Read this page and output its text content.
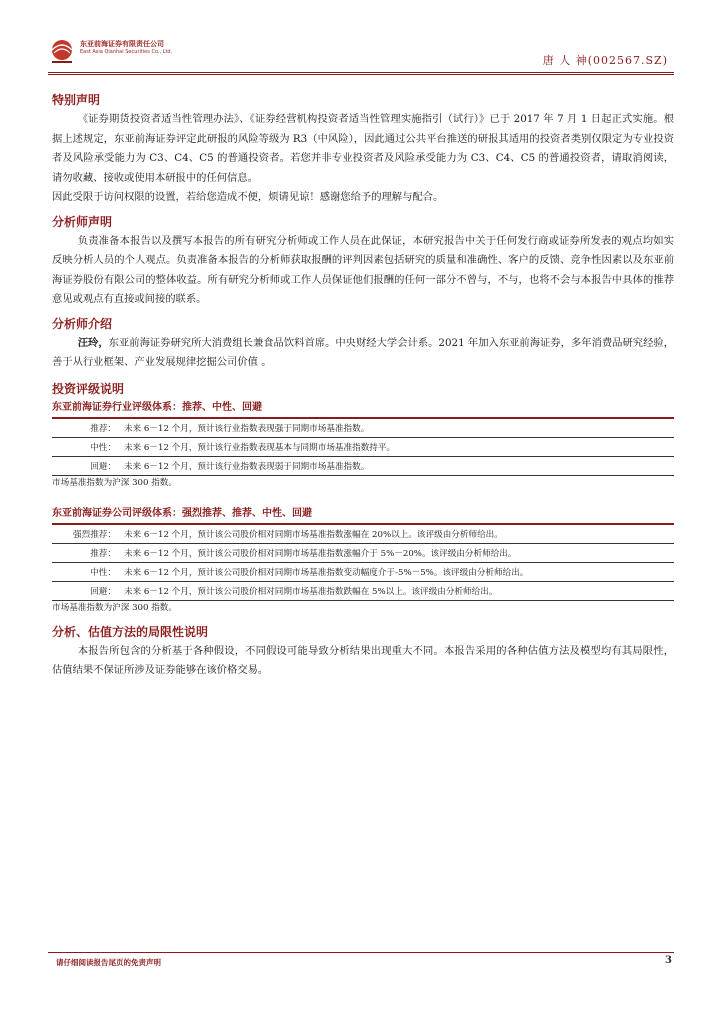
东亚前海证券有限责任公司
East Asia Qianhai Securities Co., Ltd.
唐 人 神(002567.SZ)

特别声明

《证券期货投资者适当性管理办法》、《证券经营机构投资者适当性管理实施指引（试行）》已于 2017 年 7 月 1 日起正式实施。根据上述规定，东亚前海证券评定此研报的风险等级为 R3（中风险），因此通过公共平台推送的研报其适用的投资者类别仅限定为专业投资者及风险承受能力为 C3、C4、C5 的普通投资者。若您并非专业投资者及风险承受能力为 C3、C4、C5 的普通投资者，请取消阅读，请勿收藏、接收或使用本研报中的任何信息。

因此受限于访问权限的设置，若给您造成不便，烦请见谅！感谢您给予的理解与配合。

分析师声明

负责准备本报告以及撰写本报告的所有研究分析师或工作人员在此保证，本研究报告中关于任何发行商或证券所发表的观点均如实反映分析人员的个人观点。负责准备本报告的分析师获取报酬的评判因素包括研究的质量和准确性、客户的反馈、竞争性因素以及东亚前海证券股份有限公司的整体收益。所有研究分析师或工作人员保证他们报酬的任何一部分不曾与，不与，也将不会与本报告中具体的推荐意见或观点有直接或间接的联系。

分析师介绍

汪玲，东亚前海证券研究所大消费组长兼食品饮料首席。中央财经大学会计系。2021 年加入东亚前海证券，多年消费品研究经验，善于从行业框架、产业发展规律挖掘公司价值 。

投资评级说明

东亚前海证券行业评级体系：推荐、中性、回避

推荐：	未来 6－12 个月，预计该行业指数表现强于同期市场基准指数。
中性：	未来 6－12 个月，预计该行业指数表现基本与同期市场基准指数持平。
回避：	未来 6－12 个月，预计该行业指数表现弱于同期市场基准指数。

市场基准指数为沪深 300 指数。

东亚前海证券公司评级体系：强烈推荐、推荐、中性、回避

强烈推荐：	未来 6－12 个月，预计该公司股价相对同期市场基准指数涨幅在 20%以上。该评级由分析师给出。
推荐：	未来 6－12 个月，预计该公司股价相对同期市场基准指数涨幅介于 5%－20%。该评级由分析师给出。
中性：	未来 6－12 个月，预计该公司股价相对同期市场基准指数变动幅度介于-5%－5%。该评级由分析师给出。
回避：	未来 6－12 个月，预计该公司股价相对同期市场基准指数跌幅在 5%以上。该评级由分析师给出。

市场基准指数为沪深 300 指数。

分析、估值方法的局限性说明

本报告所包含的分析基于各种假设，不同假设可能导致分析结果出现重大不同。本报告采用的各种估值方法及模型均有其局限性，估值结果不保证所涉及证券能够在该价格交易。

请仔细阅读报告尾页的免责声明	3
